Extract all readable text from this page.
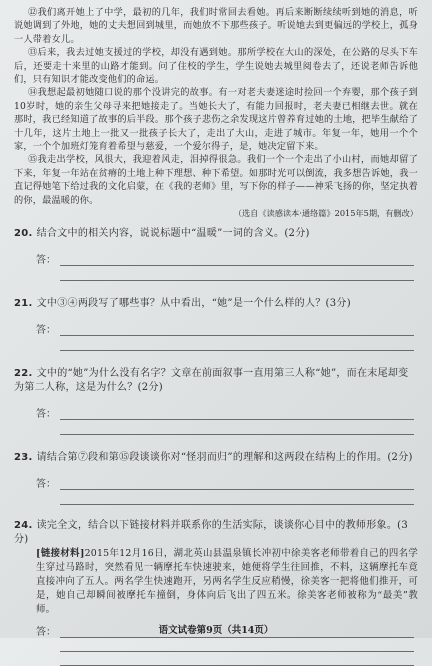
⑫我们离开她上了中学，最初的几年，我们时常回去看她。再后来断断续续听到她的消息，听说她调到了外地，她的丈夫想回到城里，而她放不下那些孩子。听说她去到更偏远的学校上，孤身一人带着女儿。

⑬后来，我去过她支援过的学校，却没有遇到她。那所学校在大山的深处，在公路的尽头下车后，还要走十来里的山路才能到。问了住校的学生，学生说她去城里阅卷去了，还说老师告诉他们，只有知识才能改变他们的命运。

⑭我想起最初她随口说的那个没讲完的故事。有一对老夫妻迷途时捡回一个弃婴，那个孩子到10岁时，她的亲生父母寻来把她接走了。当她长大了，有能力回报时，老夫妻已相继去世。就在那时，我已经知道了故事的后半段。那个孩子悲伤之余发现这片曾养育过她的土地，把毕生献给了十几年，这片土地上一批又一批孩子长大了，走出了大山，走进了城市。年复一年，她用一个个家，一个个加班灯笼育着希望与慈爱，一个爱尔得子，是，她决定留下来。

⑮我走出学校，风很大，我迎着风走，泪掉得很急。我们一个一个走出了小山村，而她却留了下来，年复一年站在贫瘠的土地上种下理想、种下希望。如那时光可以倒流，我多想告诉她，我一直记得她笔下给过我的文化启蒙，在《我的老师》里，写下你的样子——神采飞扬的你，坚定执着的你，最温暖的你。

（选自《读感读本·通络篇》2015年5期，有删改）

20. 结合文中的相关内容，说说标题中“温暖”一词的含义。(2分)

答：

21. 文中③④两段写了哪些事？从中看出，“她”是一个什么样的人？(3分)

答：

22. 文中的“她”为什么没有名字？文章在前面叙事一直用第三人称“她”，而在末尾却变为第二人称，这是为什么？(2分)

答：

23. 请结合第⑦段和第⑮段谈谈你对“怪羽而归”的理解和这两段在结构上的作用。(2分)

答：

24. 读完全文，结合以下链接材料并联系你的生活实际，谈谈你心目中的教师形象。(3分)

[链接材料]2015年12月16日，湖北英山县温泉镇长冲初中徐美客老师带着自己的四名学生穿过马路时，突然看见一辆摩托车快速驶来，她便将学生往回推，不料，这辆摩托车竟直接冲向了五人。两名学生快速跑开，另两名学生反应稍慢，徐美客一把将他们推开，可是，她自己却瞬间被摩托车撞倒，身体向后飞出了四五米。徐美客老师被称为“最美”教师。

答：	语文试卷第9页（共14页）
